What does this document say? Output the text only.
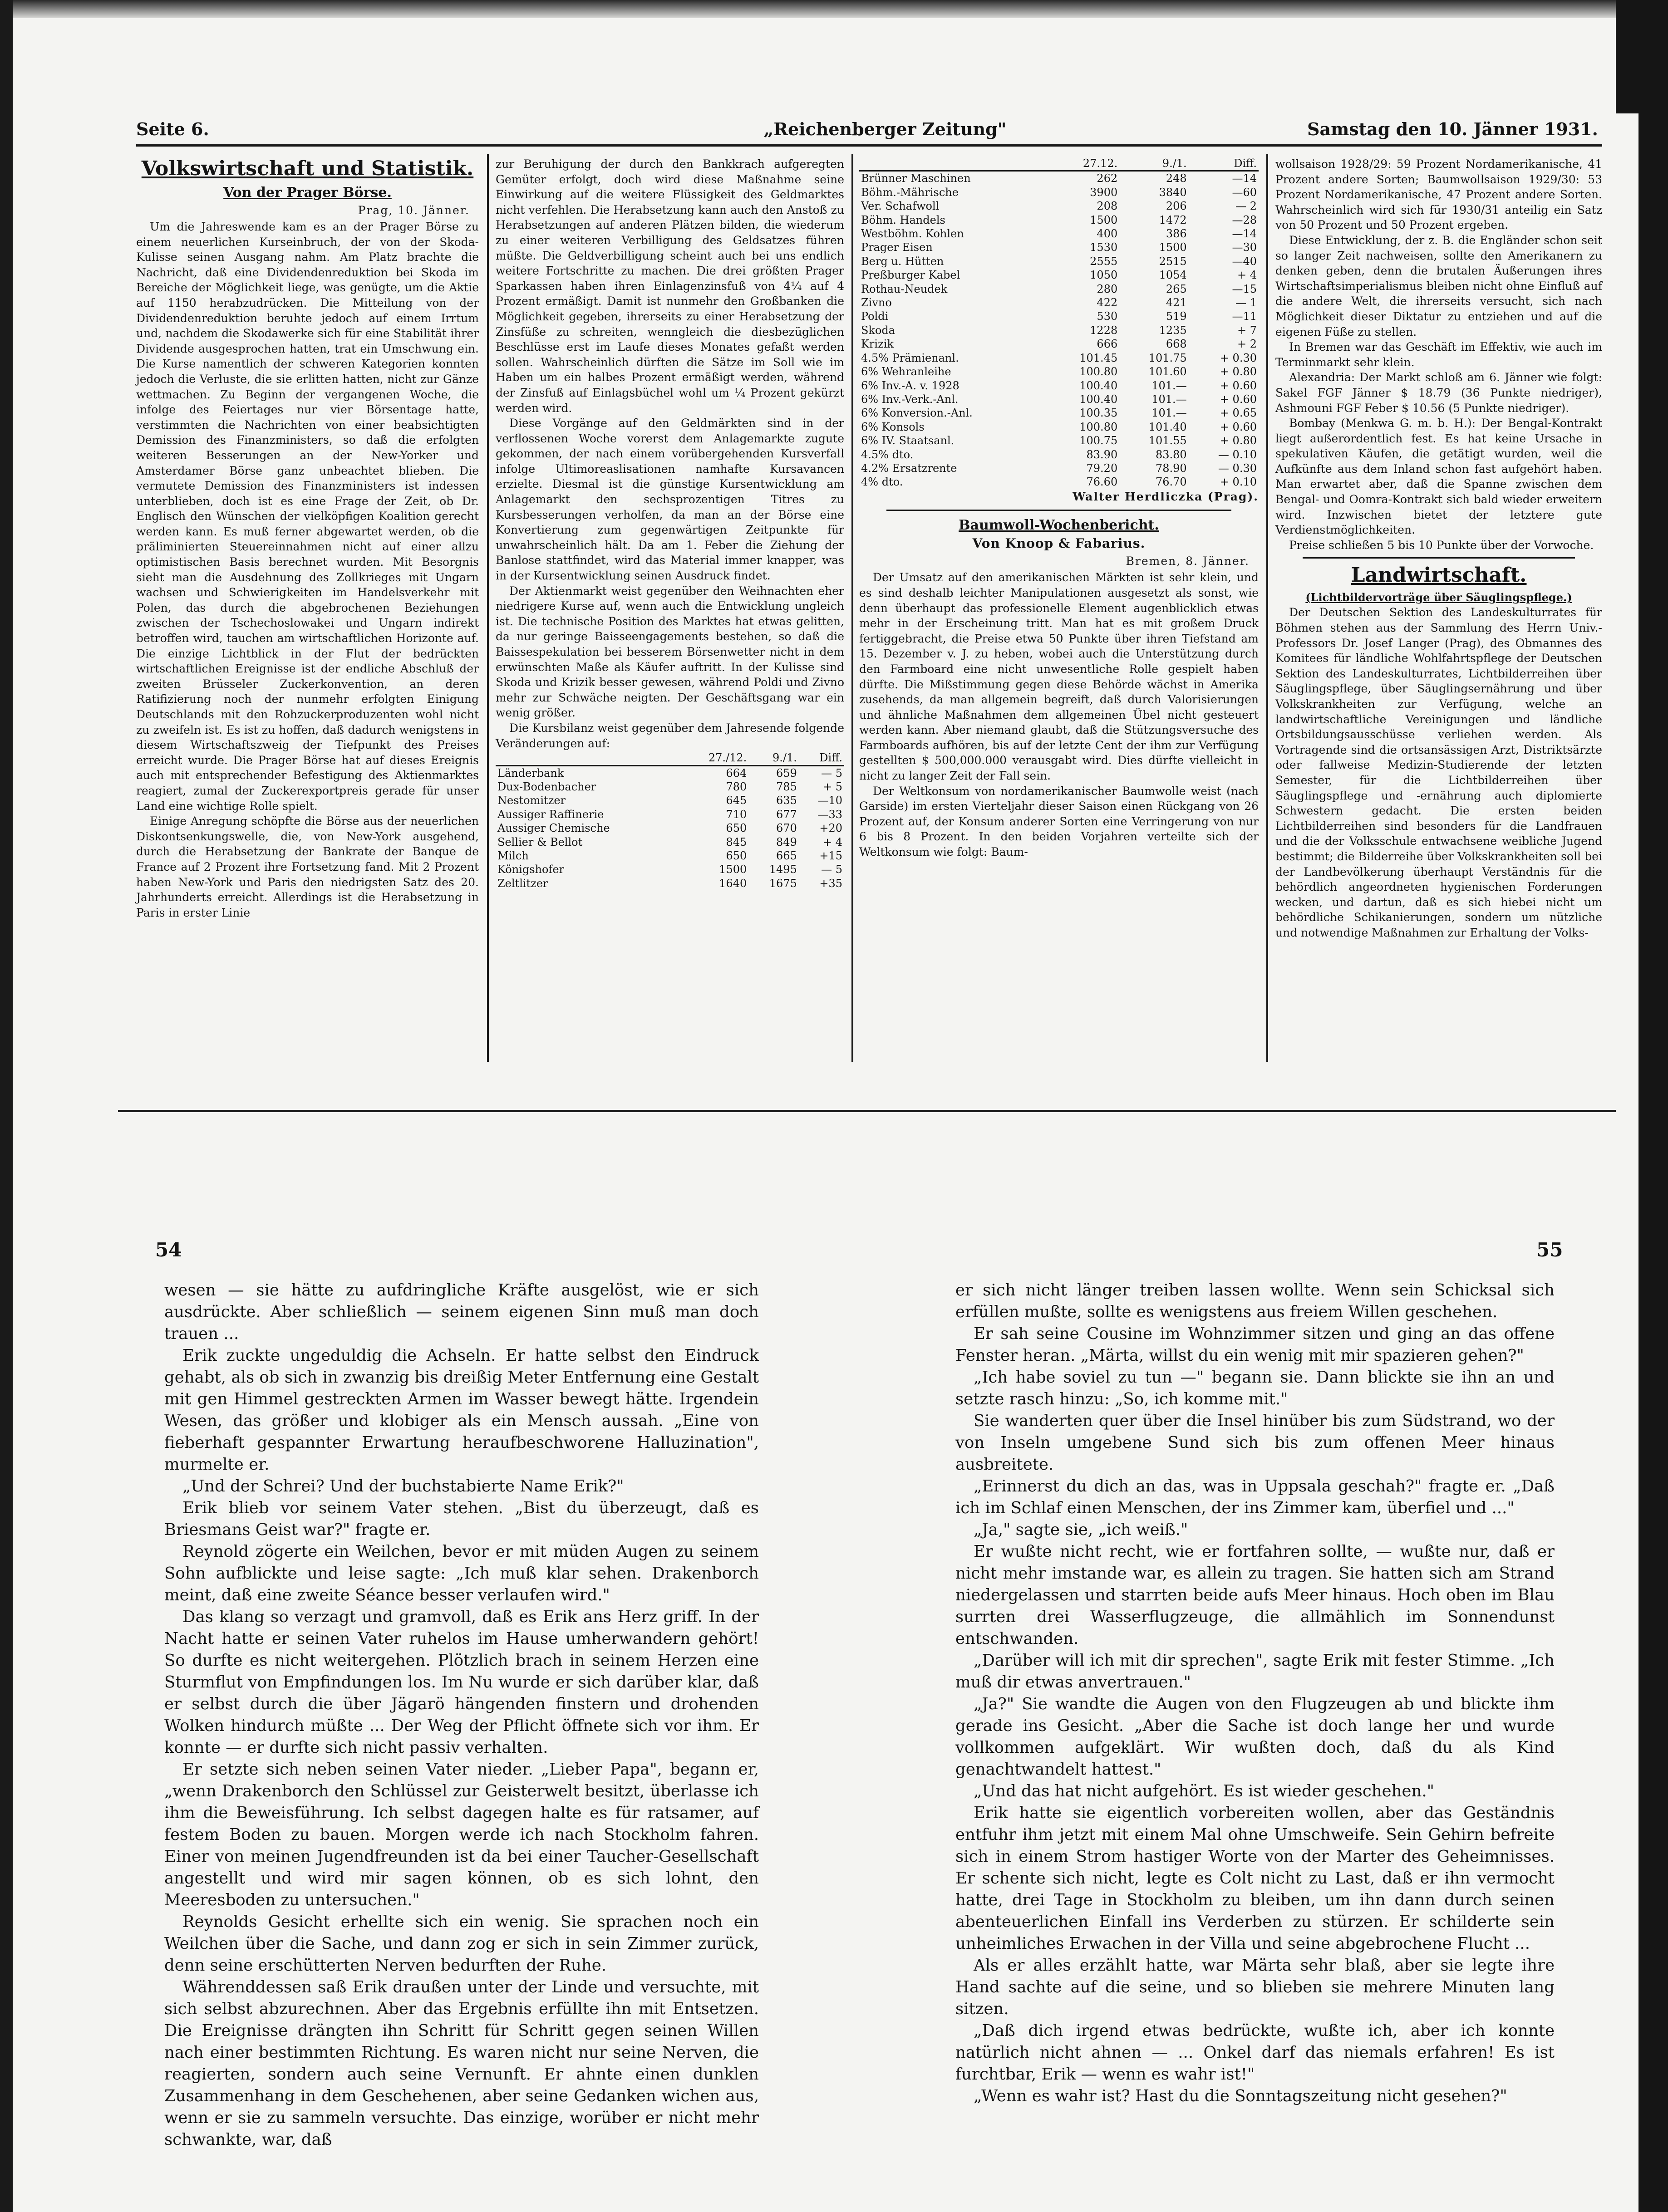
Seite 6.	„Reichenberger Zeitung"	Samstag den 10. Jänner 1931.
Volkswirtschaft und Statistik.
Von der Prager Börse.
Prag, 10. Jänner.

Um die Jahreswende kam es an der Prager Börse zu einem neuerlichen Kurseinbruch, der von der Skoda-Kulisse seinen Ausgang nahm. Am Platz brachte die Nachricht, daß eine Dividendenreduktion bei Skoda im Bereiche der Möglichkeit liege, was genügte, um die Aktie auf 1150 herabzudrücken. Die Mitteilung von der Dividendenreduktion beruhte jedoch auf einem Irrtum und, nachdem die Skodawerke sich für eine Stabilität ihrer Dividende ausgesprochen hatten, trat ein Umschwung ein. Die Kurse namentlich der schweren Kategorien konnten jedoch die Verluste, die sie erlitten hatten, nicht zur Gänze wettmachen. Zu Beginn der vergangenen Woche, die infolge des Feiertages nur vier Börsentage hatte, verstimmten die Nachrichten von einer beabsichtigten Demission des Finanzministers, so daß die erfolgten weiteren Besserungen an der New-Yorker und Amsterdamer Börse ganz unbeachtet blieben. Die vermutete Demission des Finanzministers ist indessen unterblieben, doch ist es eine Frage der Zeit, ob Dr. Englisch den Wünschen der vielköpfigen Koalition gerecht werden kann. Es muß ferner abgewartet werden, ob die präliminierten Steuereinnahmen nicht auf einer allzu optimistischen Basis berechnet wurden. Mit Besorgnis sieht man die Ausdehnung des Zollkrieges mit Ungarn wachsen und Schwierigkeiten im Handelsverkehr mit Polen, das durch die abgebrochenen Beziehungen zwischen der Tschechoslowakei und Ungarn indirekt betroffen wird, tauchen am wirtschaftlichen Horizonte auf. Die einzige Lichtblick in der Flut der bedrückten wirtschaftlichen Ereignisse ist der endliche Abschluß der zweiten Brüsseler Zuckerkonvention, an deren Ratifizierung noch der nunmehr erfolgten Einigung Deutschlands mit den Rohzuckerproduzenten wohl nicht zu zweifeln ist. Es ist zu hoffen, daß dadurch wenigstens in diesem Wirtschaftszweig der Tiefpunkt des Preises erreicht wurde. Die Prager Börse hat auf dieses Ereignis auch mit entsprechender Befestigung des Aktienmarktes reagiert, zumal der Zuckerexportpreis gerade für unser Land eine wichtige Rolle spielt.

Einige Anregung schöpfte die Börse aus der neuerlichen Diskontsenkungswelle, die, von New-York ausgehend, durch die Herabsetzung der Bankrate der Banque de France auf 2 Prozent ihre Fortsetzung fand. Mit 2 Prozent haben New-York und Paris den niedrigsten Satz des 20. Jahrhunderts erreicht. Allerdings ist die Herabsetzung in Paris in erster Linie

zur Beruhigung der durch den Bankkrach aufgeregten Gemüter erfolgt, doch wird diese Maßnahme seine Einwirkung auf die weitere Flüssigkeit des Geldmarktes nicht verfehlen. Die Herabsetzung kann auch den Anstoß zu Herabsetzungen auf anderen Plätzen bilden, die wiederum zu einer weiteren Verbilligung des Geldsatzes führen müßte. Die Geldverbilligung scheint auch bei uns endlich weitere Fortschritte zu machen. Die drei größten Prager Sparkassen haben ihren Einlagenzinsfuß von 4¼ auf 4 Prozent ermäßigt. Damit ist nunmehr den Großbanken die Möglichkeit gegeben, ihrerseits zu einer Herabsetzung der Zinsfüße zu schreiten, wenngleich die diesbezüglichen Beschlüsse erst im Laufe dieses Monates gefaßt werden sollen. Wahrscheinlich dürften die Sätze im Soll wie im Haben um ein halbes Prozent ermäßigt werden, während der Zinsfuß auf Einlagsbüchel wohl um ¼ Prozent gekürzt werden wird.

Diese Vorgänge auf den Geldmärkten sind in der verflossenen Woche vorerst dem Anlagemarkte zugute gekommen, der nach einem vorübergehenden Kursverfall infolge Ultimoreaslisationen namhafte Kursavancen erzielte. Diesmal ist die günstige Kursentwicklung am Anlagemarkt den sechsprozentigen Titres zu Kursbesserungen verholfen, da man an der Börse eine Konvertierung zum gegenwärtigen Zeitpunkte für unwahrscheinlich hält. Da am 1. Feber die Ziehung der Banlose stattfindet, wird das Material immer knapper, was in der Kursentwicklung seinen Ausdruck findet.

Der Aktienmarkt weist gegenüber den Weihnachten eher niedrigere Kurse auf, wenn auch die Entwicklung ungleich ist. Die technische Position des Marktes hat etwas gelitten, da nur geringe Baisseengagements bestehen, so daß die Baissespekulation bei besserem Börsenwetter nicht in dem erwünschten Maße als Käufer auftritt. In der Kulisse sind Skoda und Krizik besser gewesen, während Poldi und Zivno mehr zur Schwäche neigten. Der Geschäftsgang war ein wenig größer.

Die Kursbilanz weist gegenüber dem Jahresende folgende Veränderungen auf:

	27./12.	9./1.	Diff.
Länderbank	664	659	— 5
Dux-Bodenbacher	780	785	+ 5
Nestomitzer	645	635	—10
Aussiger Raffinerie	710	677	—33
Aussiger Chemische	650	670	+20
Sellier & Bellot	845	849	+ 4
Milch	650	665	+15
Königshofer	1500	1495	— 5
Zeltlitzer	1640	1675	+35
	27.12.	9./1.	Diff.
Brünner Maschinen	262	248	—14
Böhm.-Mährische	3900	3840	—60
Ver. Schafwoll	208	206	— 2
Böhm. Handels	1500	1472	—28
Westböhm. Kohlen	400	386	—14
Prager Eisen	1530	1500	—30
Berg u. Hütten	2555	2515	—40
Preßburger Kabel	1050	1054	+ 4
Rothau-Neudek	280	265	—15
Zivno	422	421	— 1
Poldi	530	519	—11
Skoda	1228	1235	+ 7
Krizik	666	668	+ 2
4.5% Prämienanl.	101.45	101.75	+ 0.30
6% Wehranleihe	100.80	101.60	+ 0.80
6% Inv.-A. v. 1928	100.40	101.—	+ 0.60
6% Inv.-Verk.-Anl.	100.40	101.—	+ 0.60
6% Konversion.-Anl.	100.35	101.—	+ 0.65
6% Konsols	100.80	101.40	+ 0.60
6% IV. Staatsanl.	100.75	101.55	+ 0.80
4.5% dto.	83.90	83.80	— 0.10
4.2% Ersatzrente	79.20	78.90	— 0.30
4% dto.	76.60	76.70	+ 0.10
Walter Herdliczka (Prag).
Baumwoll-Wochenbericht.
Von Knoop & Fabarius.
Bremen, 8. Jänner.

Der Umsatz auf den amerikanischen Märkten ist sehr klein, und es sind deshalb leichter Manipulationen ausgesetzt als sonst, wie denn überhaupt das professionelle Element augenblicklich etwas mehr in der Erscheinung tritt. Man hat es mit großem Druck fertiggebracht, die Preise etwa 50 Punkte über ihren Tiefstand am 15. Dezember v. J. zu heben, wobei auch die Unterstützung durch den Farmboard eine nicht unwesentliche Rolle gespielt haben dürfte. Die Mißstimmung gegen diese Behörde wächst in Amerika zusehends, da man allgemein begreift, daß durch Valorisierungen und ähnliche Maßnahmen dem allgemeinen Übel nicht gesteuert werden kann. Aber niemand glaubt, daß die Stützungsversuche des Farmboards aufhören, bis auf der letzte Cent der ihm zur Verfügung gestellten $ 500,000.000 verausgabt wird. Dies dürfte vielleicht in nicht zu langer Zeit der Fall sein.

Der Weltkonsum von nordamerikanischer Baumwolle weist (nach Garside) im ersten Vierteljahr dieser Saison einen Rückgang von 26 Prozent auf, der Konsum anderer Sorten eine Verringerung von nur 6 bis 8 Prozent. In den beiden Vorjahren verteilte sich der Weltkonsum wie folgt: Baum-

wollsaison 1928/29: 59 Prozent Nordamerikanische, 41 Prozent andere Sorten; Baumwollsaison 1929/30: 53 Prozent Nordamerikanische, 47 Prozent andere Sorten. Wahrscheinlich wird sich für 1930/31 anteilig ein Satz von 50 Prozent und 50 Prozent ergeben.

Diese Entwicklung, der z. B. die Engländer schon seit so langer Zeit nachweisen, sollte den Amerikanern zu denken geben, denn die brutalen Äußerungen ihres Wirtschaftsimperialismus bleiben nicht ohne Einfluß auf die andere Welt, die ihrerseits versucht, sich nach Möglichkeit dieser Diktatur zu entziehen und auf die eigenen Füße zu stellen.

In Bremen war das Geschäft im Effektiv, wie auch im Terminmarkt sehr klein.

Alexandria: Der Markt schloß am 6. Jänner wie folgt: Sakel FGF Jänner $ 18.79 (36 Punkte niedriger), Ashmouni FGF Feber $ 10.56 (5 Punkte niedriger).

Bombay (Menkwa G. m. b. H.): Der Bengal-Kontrakt liegt außerordentlich fest. Es hat keine Ursache in spekulativen Käufen, die getätigt wurden, weil die Aufkünfte aus dem Inland schon fast aufgehört haben. Man erwartet aber, daß die Spanne zwischen dem Bengal- und Oomra-Kontrakt sich bald wieder erweitern wird. Inzwischen bietet der letztere gute Verdienstmöglichkeiten.

Preise schließen 5 bis 10 Punkte über der Vorwoche.

Landwirtschaft.
(Lichtbildervorträge über Säuglingspflege.)

Der Deutschen Sektion des Landeskulturrates für Böhmen stehen aus der Sammlung des Herrn Univ.-Professors Dr. Josef Langer (Prag), des Obmannes des Komitees für ländliche Wohlfahrtspflege der Deutschen Sektion des Landeskulturrates, Lichtbilderreihen über Säuglingspflege, über Säuglingsernährung und über Volkskrankheiten zur Verfügung, welche an landwirtschaftliche Vereinigungen und ländliche Ortsbildungsausschüsse verliehen werden. Als Vortragende sind die ortsansässigen Arzt, Distriktsärzte oder fallweise Medizin-Studierende der letzten Semester, für die Lichtbilderreihen über Säuglingspflege und -ernährung auch diplomierte Schwestern gedacht. Die ersten beiden Lichtbilderreihen sind besonders für die Landfrauen und die der Volksschule entwachsene weibliche Jugend bestimmt; die Bilderreihe über Volkskrankheiten soll bei der Landbevölkerung überhaupt Verständnis für die behördlich angeordneten hygienischen Forderungen wecken, und dartun, daß es sich hiebei nicht um behördliche Schikanierungen, sondern um nützliche und notwendige Maßnahmen zur Erhaltung der Volks-

54	55

wesen — sie hätte zu aufdringliche Kräfte ausgelöst, wie er sich ausdrückte. Aber schließlich — seinem eigenen Sinn muß man doch trauen ...

Erik zuckte ungeduldig die Achseln. Er hatte selbst den Eindruck gehabt, als ob sich in zwanzig bis dreißig Meter Entfernung eine Gestalt mit gen Himmel gestreckten Armen im Wasser bewegt hätte. Irgendein Wesen, das größer und klobiger als ein Mensch aussah. „Eine von fieberhaft gespannter Erwartung heraufbeschworene Halluzination", murmelte er.

„Und der Schrei? Und der buchstabierte Name Erik?"

Erik blieb vor seinem Vater stehen. „Bist du überzeugt, daß es Briesmans Geist war?" fragte er.

Reynold zögerte ein Weilchen, bevor er mit müden Augen zu seinem Sohn aufblickte und leise sagte: „Ich muß klar sehen. Drakenborch meint, daß eine zweite Séance besser verlaufen wird."

Das klang so verzagt und gramvoll, daß es Erik ans Herz griff. In der Nacht hatte er seinen Vater ruhelos im Hause umherwandern gehört! So durfte es nicht weitergehen. Plötzlich brach in seinem Herzen eine Sturmflut von Empfindungen los. Im Nu wurde er sich darüber klar, daß er selbst durch die über Jägarö hängenden finstern und drohenden Wolken hindurch müßte ... Der Weg der Pflicht öffnete sich vor ihm. Er konnte — er durfte sich nicht passiv verhalten.

Er setzte sich neben seinen Vater nieder. „Lieber Papa", begann er, „wenn Drakenborch den Schlüssel zur Geisterwelt besitzt, überlasse ich ihm die Beweisführung. Ich selbst dagegen halte es für ratsamer, auf festem Boden zu bauen. Morgen werde ich nach Stockholm fahren. Einer von meinen Jugendfreunden ist da bei einer Taucher-Gesellschaft angestellt und wird mir sagen können, ob es sich lohnt, den Meeresboden zu untersuchen."

Reynolds Gesicht erhellte sich ein wenig. Sie sprachen noch ein Weilchen über die Sache, und dann zog er sich in sein Zimmer zurück, denn seine erschütterten Nerven bedurften der Ruhe.

Währenddessen saß Erik draußen unter der Linde und versuchte, mit sich selbst abzurechnen. Aber das Ergebnis erfüllte ihn mit Entsetzen. Die Ereignisse drängten ihn Schritt für Schritt gegen seinen Willen nach einer bestimmten Richtung. Es waren nicht nur seine Nerven, die reagierten, sondern auch seine Vernunft. Er ahnte einen dunklen Zusammenhang in dem Geschehenen, aber seine Gedanken wichen aus, wenn er sie zu sammeln versuchte. Das einzige, worüber er nicht mehr schwankte, war, daß

er sich nicht länger treiben lassen wollte. Wenn sein Schicksal sich erfüllen mußte, sollte es wenigstens aus freiem Willen geschehen.

Er sah seine Cousine im Wohnzimmer sitzen und ging an das offene Fenster heran. „Märta, willst du ein wenig mit mir spazieren gehen?"

„Ich habe soviel zu tun —" begann sie. Dann blickte sie ihn an und setzte rasch hinzu: „So, ich komme mit."

Sie wanderten quer über die Insel hinüber bis zum Südstrand, wo der von Inseln umgebene Sund sich bis zum offenen Meer hinaus ausbreitete.

„Erinnerst du dich an das, was in Uppsala geschah?" fragte er. „Daß ich im Schlaf einen Menschen, der ins Zimmer kam, überfiel und ..."

„Ja," sagte sie, „ich weiß."

Er wußte nicht recht, wie er fortfahren sollte, — wußte nur, daß er nicht mehr imstande war, es allein zu tragen. Sie hatten sich am Strand niedergelassen und starrten beide aufs Meer hinaus. Hoch oben im Blau surrten drei Wasserflugzeuge, die allmählich im Sonnendunst entschwanden.

„Darüber will ich mit dir sprechen", sagte Erik mit fester Stimme. „Ich muß dir etwas anvertrauen."

„Ja?" Sie wandte die Augen von den Flugzeugen ab und blickte ihm gerade ins Gesicht. „Aber die Sache ist doch lange her und wurde vollkommen aufgeklärt. Wir wußten doch, daß du als Kind genachtwandelt hattest."

„Und das hat nicht aufgehört. Es ist wieder geschehen."

Erik hatte sie eigentlich vorbereiten wollen, aber das Geständnis entfuhr ihm jetzt mit einem Mal ohne Umschweife. Sein Gehirn befreite sich in einem Strom hastiger Worte von der Marter des Geheimnisses. Er schente sich nicht, legte es Colt nicht zu Last, daß er ihn vermocht hatte, drei Tage in Stockholm zu bleiben, um ihn dann durch seinen abenteuerlichen Einfall ins Verderben zu stürzen. Er schilderte sein unheimliches Erwachen in der Villa und seine abgebrochene Flucht ...

Als er alles erzählt hatte, war Märta sehr blaß, aber sie legte ihre Hand sachte auf die seine, und so blieben sie mehrere Minuten lang sitzen.

„Daß dich irgend etwas bedrückte, wußte ich, aber ich konnte natürlich nicht ahnen — ... Onkel darf das niemals erfahren! Es ist furchtbar, Erik — wenn es wahr ist!"

„Wenn es wahr ist? Hast du die Sonntagszeitung nicht gesehen?"
